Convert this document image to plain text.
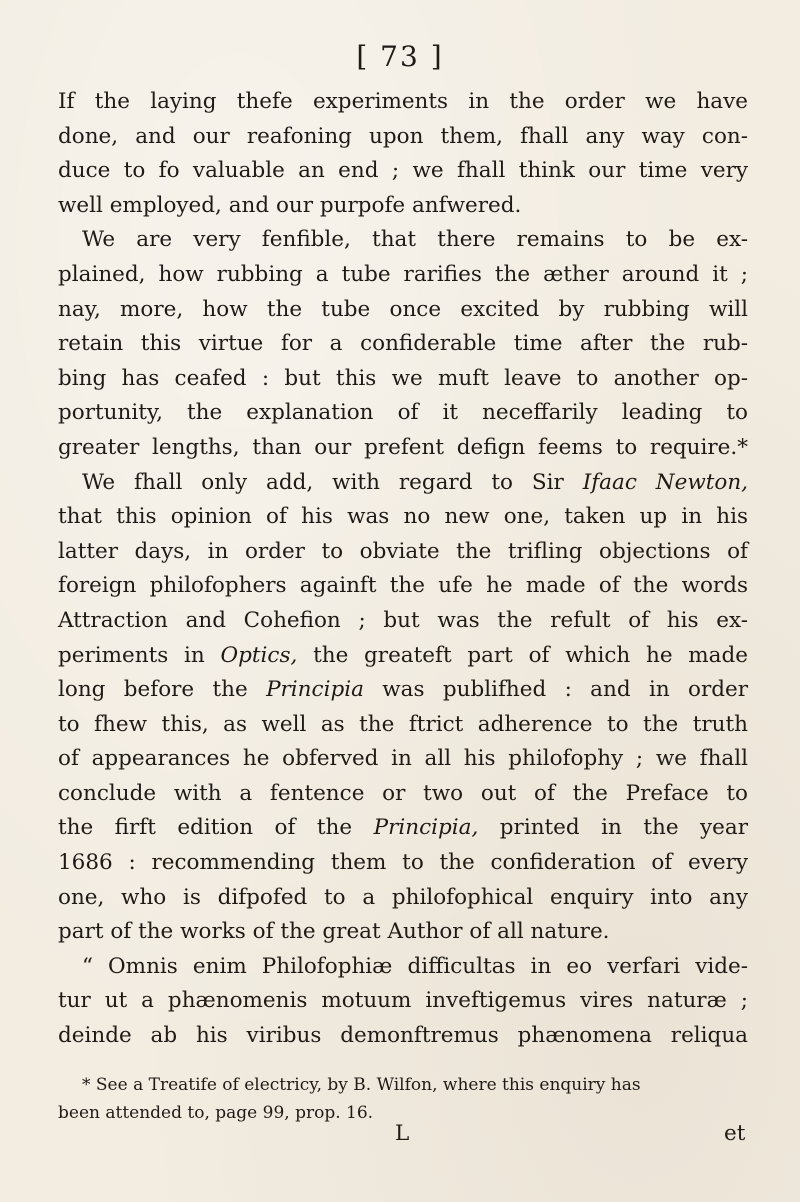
[ 73 ]
If the laying thefe experiments in the order we have
done, and our reafoning upon them, fhall any way con-
duce to fo valuable an end ; we fhall think our time very
well employed, and our purpofe anfwered.
We are very fenfible, that there remains to be ex-
plained, how rubbing a tube rarifies the æther around it ;
nay, more, how the tube once excited by rubbing will
retain this virtue for a confiderable time after the rub-
bing has ceafed : but this we muft leave to another op-
portunity, the explanation of it neceffarily leading to
greater lengths, than our prefent defign feems to require.*
We fhall only add, with regard to Sir Ifaac Newton,
that this opinion of his was no new one, taken up in his
latter days, in order to obviate the trifling objections of
foreign philofophers againft the ufe he made of the words
Attraction and Cohefion ; but was the refult of his ex-
periments in Optics, the greateft part of which he made
long before the Principia was publifhed : and in order
to fhew this, as well as the ftrict adherence to the truth
of appearances he obferved in all his philofophy ; we fhall
conclude with a fentence or two out of the Preface to
the firft edition of the Principia, printed in the year
1686 : recommending them to the confideration of every
one, who is difpofed to a philofophical enquiry into any
part of the works of the great Author of all nature.
“ Omnis enim Philofophiæ difficultas in eo verfari vide-
tur ut a phænomenis motuum inveftigemus vires naturæ ;
deinde ab his viribus demonftremus phænomena reliqua
* See a Treatife of electricy, by B. Wilfon, where this enquiry has
been attended to, page 99, prop. 16.
L	et
